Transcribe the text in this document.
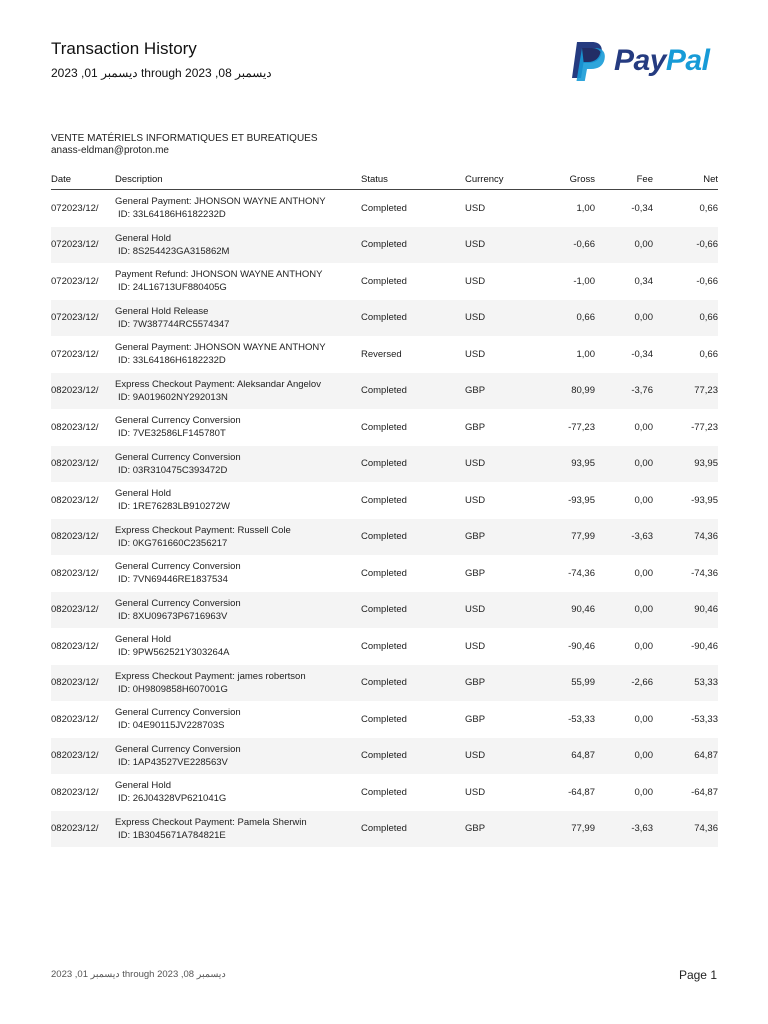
Transaction History
ديسمبر 01, 2023 through ديسمبر 08, 2023	PayPal
VENTE MATÉRIELS INFORMATIQUES ET BUREATIQUES
anass-eldman@proton.me
Date	Description	Status	Currency	Gross	Fee	Net
072023/12/	General Payment: JHONSON WAYNE ANTHONY
ID: 33L64186H6182232D	Completed	USD	1,00	-0,34	0,66
072023/12/	General Hold
ID: 8S254423GA315862M	Completed	USD	-0,66	0,00	-0,66
072023/12/	Payment Refund: JHONSON WAYNE ANTHONY
ID: 24L16713UF880405G	Completed	USD	-1,00	0,34	-0,66
072023/12/	General Hold Release
ID: 7W387744RC5574347	Completed	USD	0,66	0,00	0,66
072023/12/	General Payment: JHONSON WAYNE ANTHONY
ID: 33L64186H6182232D	Reversed	USD	1,00	-0,34	0,66
082023/12/	Express Checkout Payment: Aleksandar Angelov
ID: 9A019602NY292013N	Completed	GBP	80,99	-3,76	77,23
082023/12/	General Currency Conversion
ID: 7VE32586LF145780T	Completed	GBP	-77,23	0,00	-77,23
082023/12/	General Currency Conversion
ID: 03R310475C393472D	Completed	USD	93,95	0,00	93,95
082023/12/	General Hold
ID: 1RE76283LB910272W	Completed	USD	-93,95	0,00	-93,95
082023/12/	Express Checkout Payment: Russell Cole
ID: 0KG761660C2356217	Completed	GBP	77,99	-3,63	74,36
082023/12/	General Currency Conversion
ID: 7VN69446RE1837534	Completed	GBP	-74,36	0,00	-74,36
082023/12/	General Currency Conversion
ID: 8XU09673P6716963V	Completed	USD	90,46	0,00	90,46
082023/12/	General Hold
ID: 9PW562521Y303264A	Completed	USD	-90,46	0,00	-90,46
082023/12/	Express Checkout Payment: james robertson
ID: 0H9809858H607001G	Completed	GBP	55,99	-2,66	53,33
082023/12/	General Currency Conversion
ID: 04E90115JV228703S	Completed	GBP	-53,33	0,00	-53,33
082023/12/	General Currency Conversion
ID: 1AP43527VE228563V	Completed	USD	64,87	0,00	64,87
082023/12/	General Hold
ID: 26J04328VP621041G	Completed	USD	-64,87	0,00	-64,87
082023/12/	Express Checkout Payment: Pamela Sherwin
ID: 1B3045671A784821E	Completed	GBP	77,99	-3,63	74,36
ديسمبر 01, 2023 through ديسمبر 08, 2023	Page 1
